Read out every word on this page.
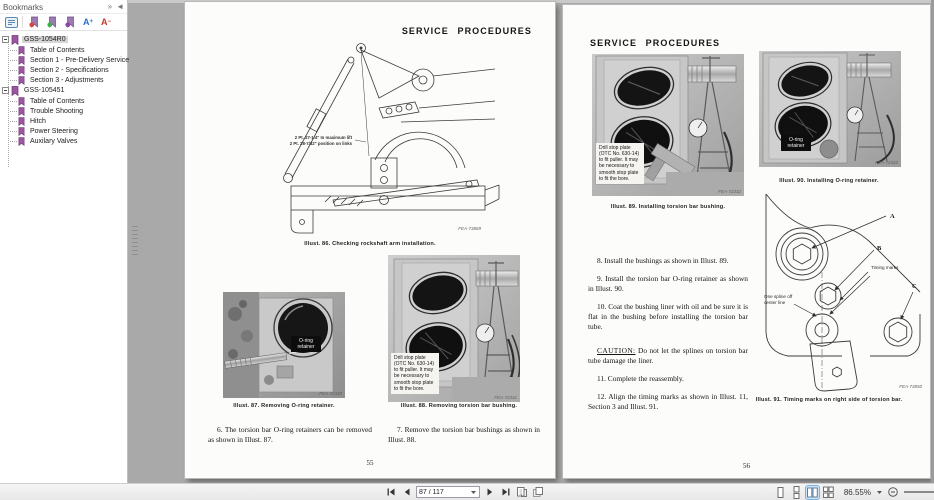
Bookmarks	» ◄
A + A −
GSS-1054R0
Table of Contents
Section 1 - Pre-Delivery Service
Section 2 - Specifications
Section 3 - Adjustments
GSS-105451
Table of Contents
Trouble Shooting
Hitch
Power Steering
Auxilary Valves
SERVICE PROCEDURES
2 Pt. 27-1/4" In maximum lift
2 Pt. 28-7/32" position on links
FEA-73869
Illust. 86. Checking rockshaft arm installation.
O-ring retainer
FEA-72330
Illust. 87. Removing O-ring retainer.
Drill stop plate (OTC No. 630-14) to fit puller. It may be necessary to smooth stop plate to fit the bore.
FEA-72331
Illust. 88. Removing torsion bar bushing.
6. The torsion bar O-ring retainers can be removed as shown in Illust. 87.
7. Remove the torsion bar bushings as shown in Illust. 88.
55
SERVICE PROCEDURES
Drill stop plate (OTC No. 630-14) to fit puller. It may be necessary to smooth stop plate to fit the bore.
FEA-72332
Illust. 89. Installing torsion bar bushing.
O-ring retainer
FEA-72333
Illust. 90. Installing O-ring retainer.

8. Install the bushings as shown in Illust. 89.

9. Install the torsion bar O-ring retainer as shown in Illust. 90.

10. Coat the bushing liner with oil and be sure it is flat in the bushing before installing the torsion bar tube.

CAUTION: Do not let the splines on torsion bar tube damage the liner.

11. Complete the reassembly.

12. Align the timing marks as shown in Illust. 11, Section 3 and Illust. 91.

A
B
C
Timing marks
One spline off
center line
FEA-73850
Illust. 91. Timing marks on right side of torsion bar.
56
87 / 117
86.55%
